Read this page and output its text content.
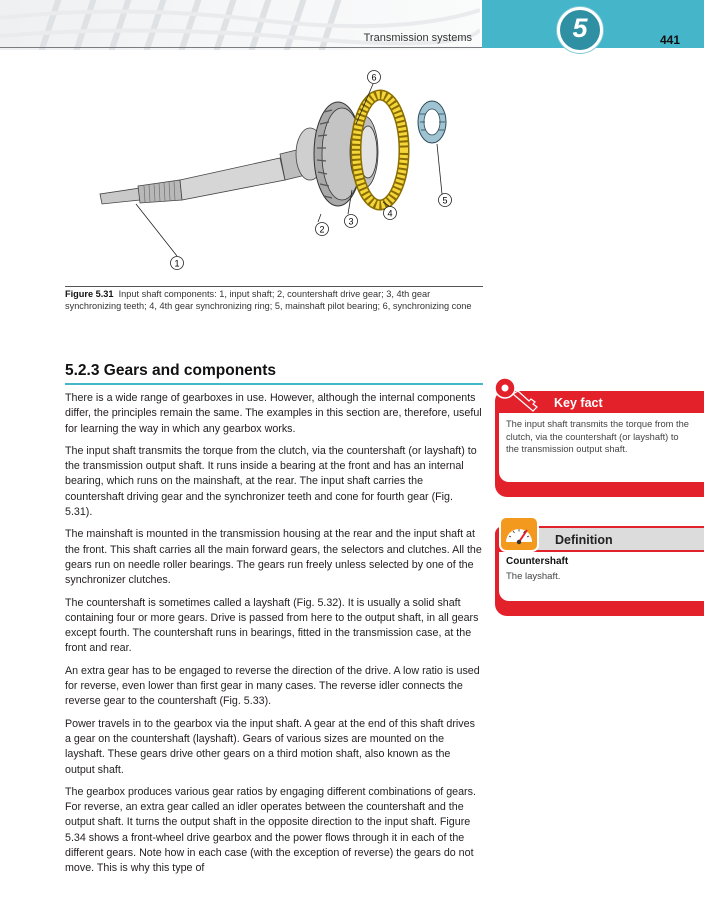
Transmission systems	5	441
1
2
3
4
5
6
Figure 5.31 Input shaft components: 1, input shaft; 2, countershaft drive gear; 3, 4th gear synchronizing teeth; 4, 4th gear synchronizing ring; 5, mainshaft pilot bearing; 6, synchronizing cone
5.2.3 Gears and components

There is a wide range of gearboxes in use. However, although the internal components differ, the principles remain the same. The examples in this section are, therefore, useful for learning the way in which any gearbox works.

The input shaft transmits the torque from the clutch, via the countershaft (or layshaft) to the transmission output shaft. It runs inside a bearing at the front and has an internal bearing, which runs on the mainshaft, at the rear. The input shaft carries the countershaft driving gear and the synchronizer teeth and cone for fourth gear (Fig. 5.31).

The mainshaft is mounted in the transmission housing at the rear and the input shaft at the front. This shaft carries all the main forward gears, the selectors and clutches. All the gears run on needle roller bearings. The gears run freely unless selected by one of the synchronizer clutches.

The countershaft is sometimes called a layshaft (Fig. 5.32). It is usually a solid shaft containing four or more gears. Drive is passed from here to the output shaft, in all gears except fourth. The countershaft runs in bearings, fitted in the transmission case, at the front and rear.

An extra gear has to be engaged to reverse the direction of the drive. A low ratio is used for reverse, even lower than first gear in many cases. The reverse idler connects the reverse gear to the countershaft (Fig. 5.33).

Power travels in to the gearbox via the input shaft. A gear at the end of this shaft drives a gear on the countershaft (layshaft). Gears of various sizes are mounted on the layshaft. These gears drive other gears on a third motion shaft, also known as the output shaft.

The gearbox produces various gear ratios by engaging different combinations of gears. For reverse, an extra gear called an idler operates between the countershaft and the output shaft. It turns the output shaft in the opposite direction to the input shaft. Figure 5.34 shows a front-wheel drive gearbox and the power flows through it in each of the different gears. Note how in each case (with the exception of reverse) the gears do not move. This is why this type of

Key fact
The input shaft transmits the torque from the clutch, via the countershaft (or layshaft) to the transmission output shaft.
Definition
Countershaft
The layshaft.
